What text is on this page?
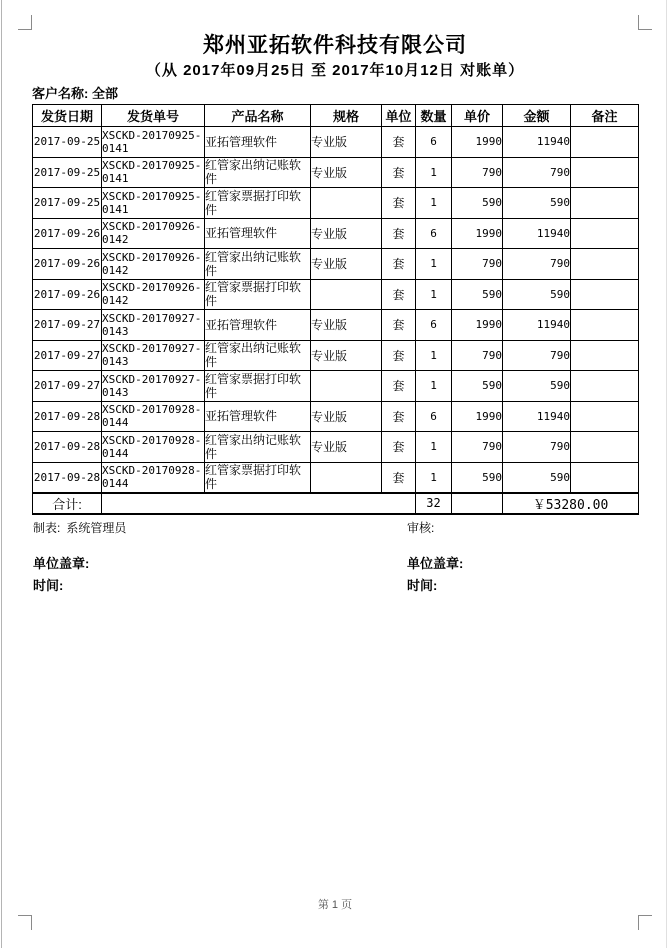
郑州亚拓软件科技有限公司
（从 2017年09月25日 至 2017年10月12日 对账单）
客户名称: 全部
发货日期	发货单号	产品名称	规格	单位	数量	单价	金额	备注
2017-09-25	XSCKD-20170925-0141	亚拓管理软件	专业版	套	6	1990	11940	
2017-09-25	XSCKD-20170925-0141	红管家出纳记账软件	专业版	套	1	790	790	
2017-09-25	XSCKD-20170925-0141	红管家票据打印软件		套	1	590	590	
2017-09-26	XSCKD-20170926-0142	亚拓管理软件	专业版	套	6	1990	11940	
2017-09-26	XSCKD-20170926-0142	红管家出纳记账软件	专业版	套	1	790	790	
2017-09-26	XSCKD-20170926-0142	红管家票据打印软件		套	1	590	590	
2017-09-27	XSCKD-20170927-0143	亚拓管理软件	专业版	套	6	1990	11940	
2017-09-27	XSCKD-20170927-0143	红管家出纳记账软件	专业版	套	1	790	790	
2017-09-27	XSCKD-20170927-0143	红管家票据打印软件		套	1	590	590	
2017-09-28	XSCKD-20170928-0144	亚拓管理软件	专业版	套	6	1990	11940	
2017-09-28	XSCKD-20170928-0144	红管家出纳记账软件	专业版	套	1	790	790	
2017-09-28	XSCKD-20170928-0144	红管家票据打印软件		套	1	590	590	
合计:					32		￥53280.00	
制表: 系统管理员	审核:
单位盖章:	单位盖章:
时间:	时间:
第 1 页
